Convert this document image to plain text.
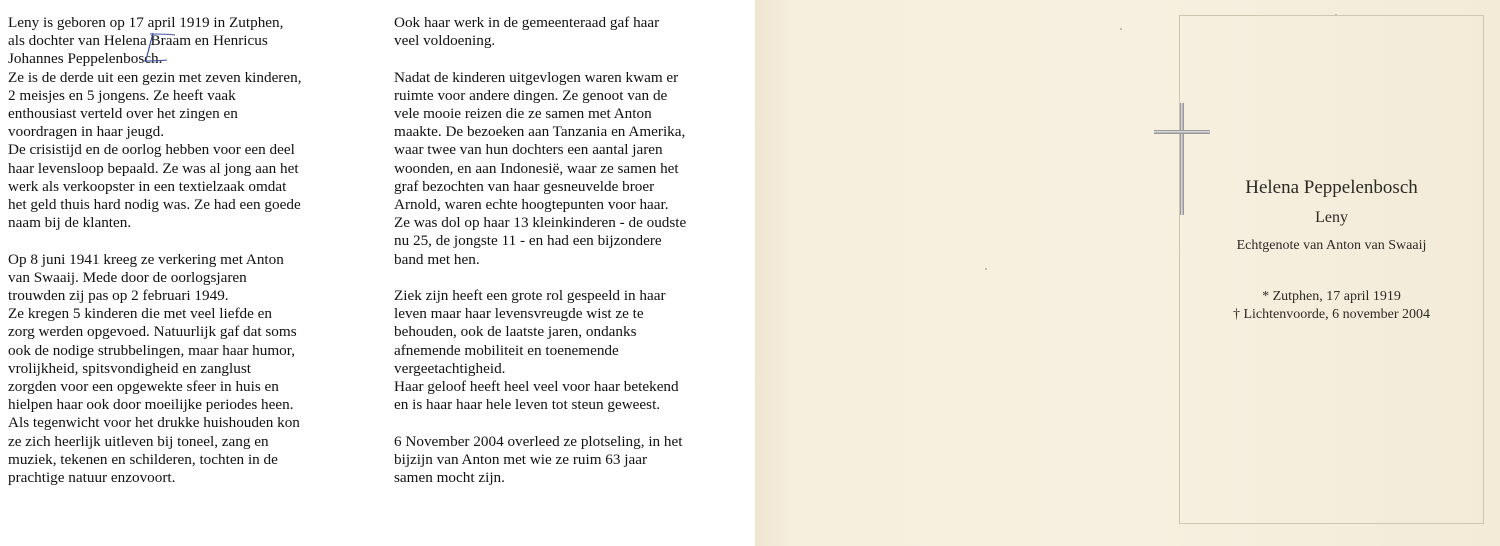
Leny is geboren op 17 april 1919 in Zutphen,
als dochter van Helena Braam en Henricus
Johannes Peppelenbosch.
Ze is de derde uit een gezin met zeven kinderen,
2 meisjes en 5 jongens. Ze heeft vaak
enthousiast verteld over het zingen en
voordragen in haar jeugd.
De crisistijd en de oorlog hebben voor een deel
haar levensloop bepaald. Ze was al jong aan het
werk als verkoopster in een textielzaak omdat
het geld thuis hard nodig was. Ze had een goede
naam bij de klanten.

Op 8 juni 1941 kreeg ze verkering met Anton
van Swaaij. Mede door de oorlogsjaren
trouwden zij pas op 2 februari 1949.
Ze kregen 5 kinderen die met veel liefde en
zorg werden opgevoed. Natuurlijk gaf dat soms
ook de nodige strubbelingen, maar haar humor,
vrolijkheid, spitsvondigheid en zanglust
zorgden voor een opgewekte sfeer in huis en
hielpen haar ook door moeilijke periodes heen.
Als tegenwicht voor het drukke huishouden kon
ze zich heerlijk uitleven bij toneel, zang en
muziek, tekenen en schilderen, tochten in de
prachtige natuur enzovoort.
Ook haar werk in de gemeenteraad gaf haar
veel voldoening.

Nadat de kinderen uitgevlogen waren kwam er
ruimte voor andere dingen. Ze genoot van de
vele mooie reizen die ze samen met Anton
maakte. De bezoeken aan Tanzania en Amerika,
waar twee van hun dochters een aantal jaren
woonden, en aan Indonesië, waar ze samen het
graf bezochten van haar gesneuvelde broer
Arnold, waren echte hoogtepunten voor haar.
Ze was dol op haar 13 kleinkinderen - de oudste
nu 25, de jongste 11 - en had een bijzondere
band met hen.

Ziek zijn heeft een grote rol gespeeld in haar
leven maar haar levensvreugde wist ze te
behouden, ook de laatste jaren, ondanks
afnemende mobiliteit en toenemende
vergeetachtigheid.
Haar geloof heeft heel veel voor haar betekend
en is haar haar hele leven tot steun geweest.

6 November 2004 overleed ze plotseling, in het
bijzijn van Anton met wie ze ruim 63 jaar
samen mocht zijn.
Helena Peppelenbosch
Leny
Echtgenote van Anton van Swaaij
* Zutphen, 17 april 1919
† Lichtenvoorde, 6 november 2004
